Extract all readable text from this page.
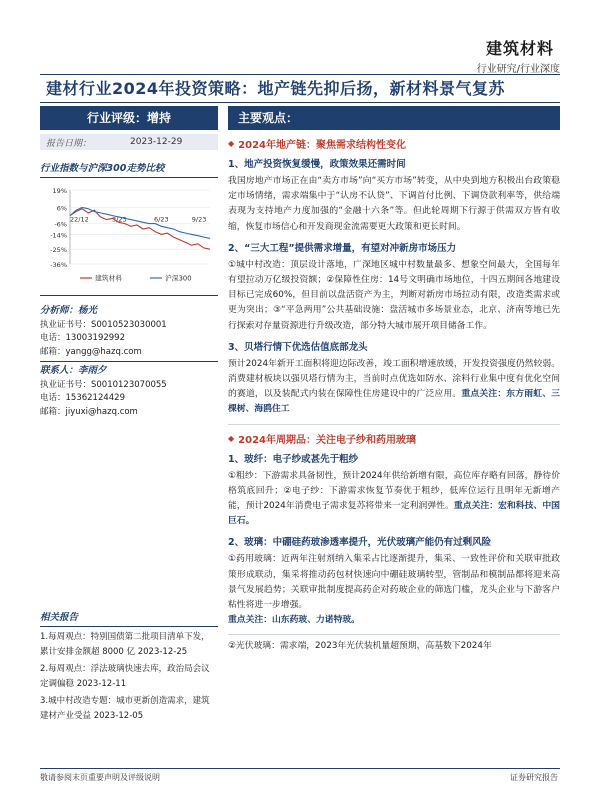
建筑材料
行业研究/行业深度
建材行业2024年投资策略：地产链先抑后扬，新材料景气复苏
行业评级：增持
报告日期：	2023-12-29
行业指数与沪深300走势比较
19%
6%
-6%
-14%
-25%
-36%
22/12	3/23	6/23	9/23
建筑材料	沪深300
分析师：杨光
执业证书号：S0010523030001
电话：13003192992
邮箱：yangg@hazq.com
联系人：李雨夕
执业证书号：S0010123070055
电话：15362124429
邮箱：jiyuxi@hazq.com
相关报告
1.每周观点：特别国债第二批项目清单下发，累计安排金额超 8000 亿 2023-12-25
2.每周观点：浮法玻璃快速去库，政治局会议定调偏稳 2023-12-11
3.城中村改造专题：城市更新创造需求，建筑建材产业受益 2023-12-05
主要观点：
◆ 2024年地产链：聚焦需求结构性变化
1、地产投资恢复缓慢，政策效果还需时间
我国房地产市场正在由“卖方市场”向“买方市场”转变，从中央到地方积极出台政策稳定市场情绪，需求端集中于“认房不认贷”、下调首付比例、下调贷款利率等，供给端表现为支持地产力度加强的“金融十六条”等。但此轮周期下行源于供需双方皆有收缩，恢复市场信心和开发商现金流需要更大政策和更长时间。
2、“三大工程”提供需求增量，有望对冲新房市场压力
①城中村改造：顶层设计落地，广深地区城中村数量最多、想象空间最大，全国每年有望拉动万亿级投资额；②保障性住房：14号文明确市场地位，十四五期间各地建设目标已完成60%，但目前以盘活资产为主，判断对新房市场拉动有限，改造类需求或更为突出；③“平急两用”公共基础设施：盘活城市多场景业态，北京、济南等地已先行探索对存量资源进行升级改造，部分特大城市展开项目储备工作。
3、贝塔行情下优选估值底部龙头
预计2024年新开工面积将迎边际改善，竣工面积增速放缓，开发投资强度仍然较弱。消费建材板块以强贝塔行情为主，当前时点优选如防水、涂料行业集中度有优化空间的赛道，以及装配式内装在保障性住房建设中的广泛应用。重点关注：东方雨虹、三棵树、海鸥住工
◆ 2024年周期品：关注电子纱和药用玻璃
1、玻纤：电子纱或甚先于粗纱
①粗纱：下游需求具备韧性，预计2024年供给新增有限，高位库存略有回落，静待价格筑底回升；②电子纱：下游需求恢复节奏优于粗纱，低库位运行且明年无新增产能，预计2024年消费电子需求复苏将带来一定利润弹性。重点关注：宏和科技、中国巨石。
2、玻璃：中硼硅药玻渗透率提升，光伏玻璃产能仍有过剩风险
①药用玻璃：近两年注射剂纳入集采占比逐渐提升，集采、一致性评价和关联审批政策形成联动，集采将推动药包材快速向中硼硅玻璃转型，管制品和模制品都将迎来高景气发展趋势；关联审批制度提高药企对药玻企业的筛选门槛，龙头企业与下游客户粘性将进一步增强。
重点关注：山东药玻、力诺特玻。
②光伏玻璃：需求端，2023年光伏装机量超预期，高基数下2024年
敬请参阅末页重要声明及评级说明	证券研究报告
